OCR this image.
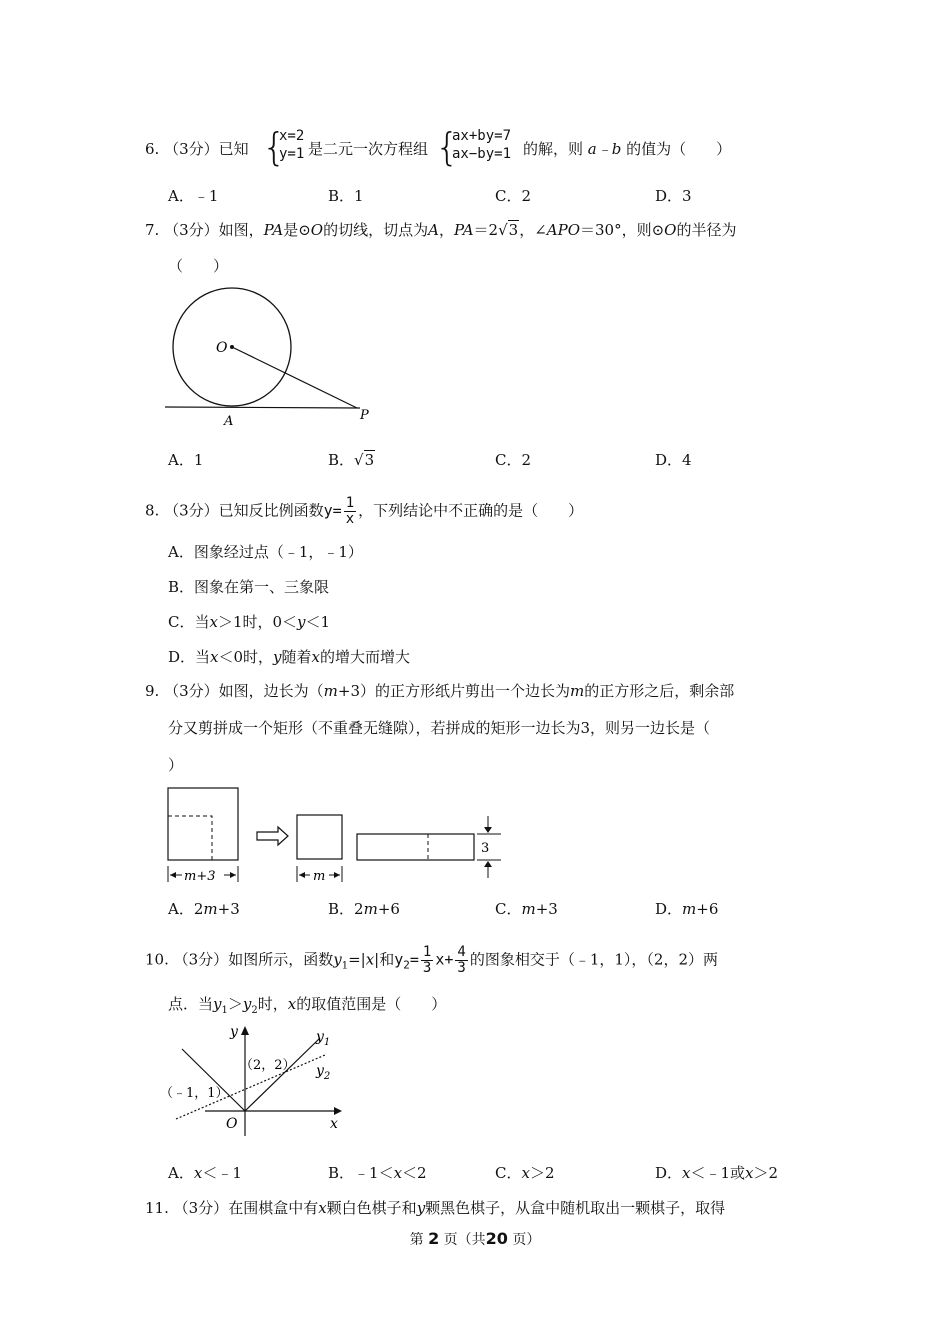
6. （3分）已知 {
x=2
y=1 是二元一次方程组 {
ax+by=7
ax−by=1 的解，则 a﹣b 的值为（　　）
A．﹣1	B．1	C．2	D．3
7. （3分）如图，PA是⊙O的切线，切点为A，PA＝2√3，∠APO＝30°，则⊙O的半径为
（　　）
O
A	P
A．1	B．√3	C．2	D．4
8. （3分）已知反比例函数$y= \frac{1}{x}$ ，下列结论中不正确的是（　　）
A．图象经过点（﹣1，﹣1）
B．图象在第一、三象限
C．当x＞1时，0＜y＜1
D．当x＜0时，y随着x的增大而增大
9. （3分）如图，边长为（m+3）的正方形纸片剪出一个边长为m的正方形之后，剩余部
分又剪拼成一个矩形（不重叠无缝隙），若拼成的矩形一边长为3，则另一边长是（
）
3
m+3	m
A．2m+3	B．2m+6	C．m+3	D．m+6
10. （3分）如图所示，函数$y_1=|x|$和$y_2= \frac{1}{3} x+ \frac{4}{3}$ 的图象相交于（﹣1，1），（2，2）两
点．当$y_1>y_2$时，x的取值范围是（　　）
y
x
O
（2，2）
（﹣1，1）
$y_1$
$y_2$
A．x＜﹣1	B．﹣1＜x＜2	C．x＞2	D．x＜﹣1或x＞2
11. （3分）在围棋盒中有x颗白色棋子和y颗黑色棋子，从盒中随机取出一颗棋子，取得
第 2 页（共20 页）
